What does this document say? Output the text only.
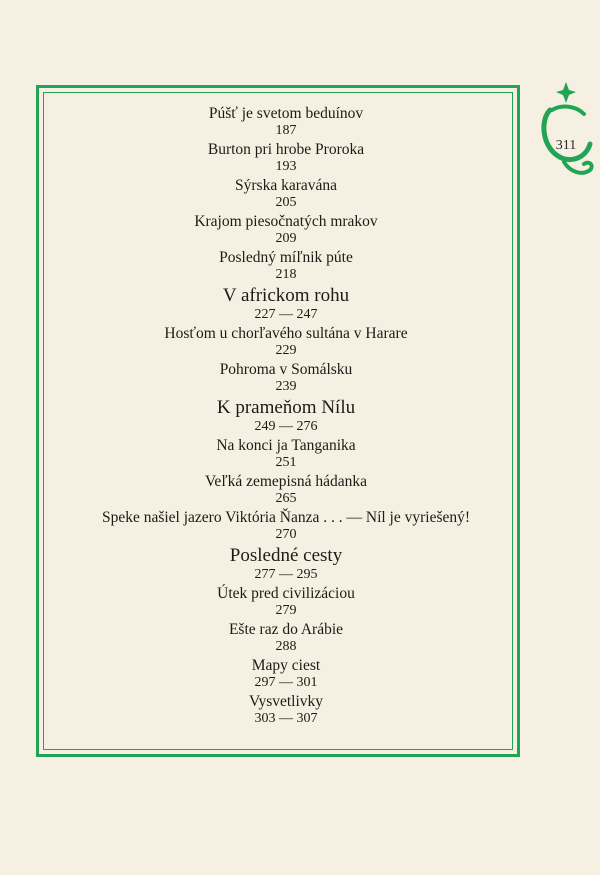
Púšť je svetom beduínov
187
Burton pri hrobe Proroka
193
Sýrska karavána
205
Krajom piesočnatých mrakov
209
Posledný míľnik púte
218
V africkom rohu
227 — 247
Hosťom u chorľavého sultána v Harare
229
Pohroma v Somálsku
239
K prameňom Nílu
249 — 276
Na konci ja Tanganika
251
Veľká zemepisná hádanka
265
Speke našiel jazero Viktória Ňanza . . . — Níl je vyriešený!
270
Posledné cesty
277 — 295
Útek pred civilizáciou
279
Ešte raz do Arábie
288
Mapy ciest
297 — 301
Vysvetlivky
303 — 307
311
